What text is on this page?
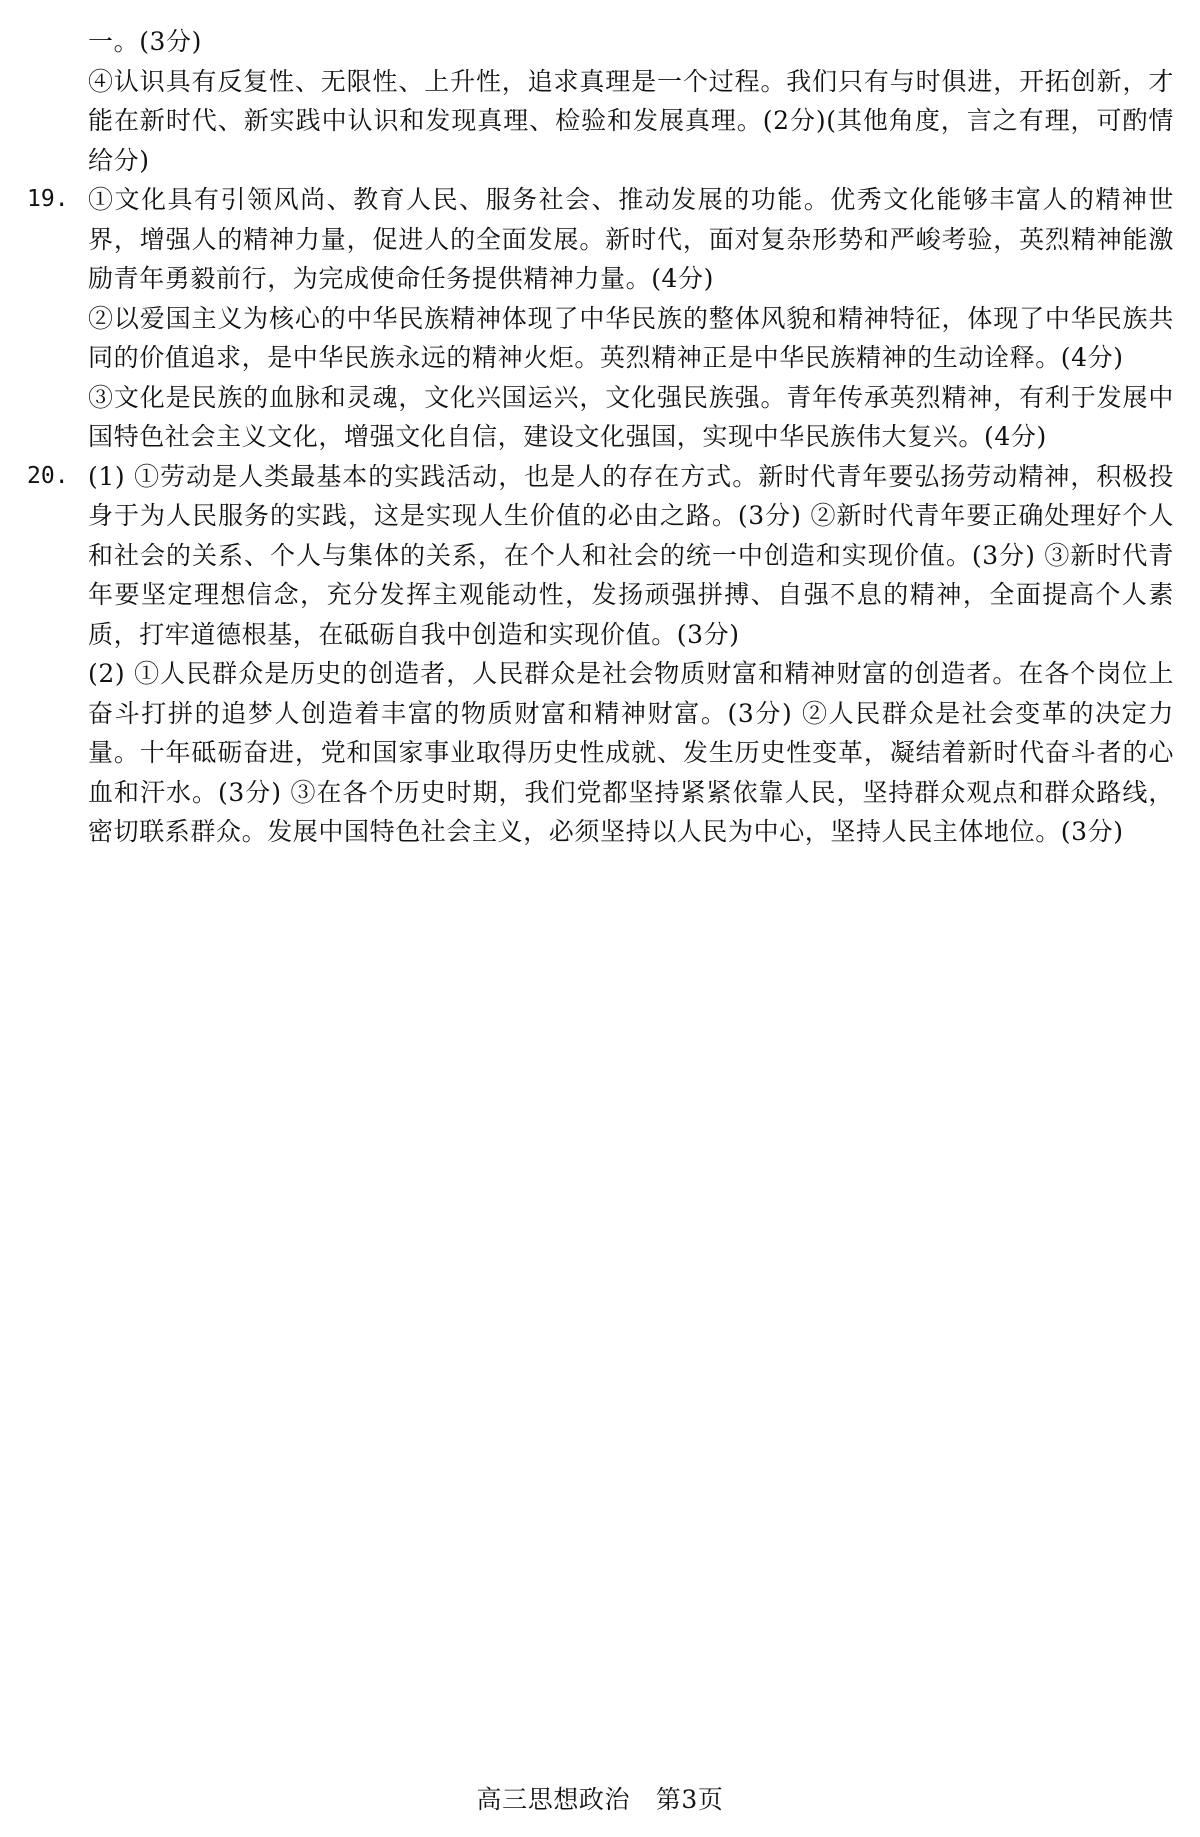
一。(3分)

④认识具有反复性、无限性、上升性，追求真理是一个过程。我们只有与时俱进，开拓创新，才能在新时代、新实践中认识和发现真理、检验和发展真理。(2分)(其他角度，言之有理，可酌情给分)

19. ①文化具有引领风尚、教育人民、服务社会、推动发展的功能。优秀文化能够丰富人的精神世界，增强人的精神力量，促进人的全面发展。新时代，面对复杂形势和严峻考验，英烈精神能激励青年勇毅前行，为完成使命任务提供精神力量。(4分)

②以爱国主义为核心的中华民族精神体现了中华民族的整体风貌和精神特征，体现了中华民族共同的价值追求，是中华民族永远的精神火炬。英烈精神正是中华民族精神的生动诠释。(4分)

③文化是民族的血脉和灵魂，文化兴国运兴，文化强民族强。青年传承英烈精神，有利于发展中国特色社会主义文化，增强文化自信，建设文化强国，实现中华民族伟大复兴。(4分)

20. (1) ①劳动是人类最基本的实践活动，也是人的存在方式。新时代青年要弘扬劳动精神，积极投身于为人民服务的实践，这是实现人生价值的必由之路。(3分) ②新时代青年要正确处理好个人和社会的关系、个人与集体的关系，在个人和社会的统一中创造和实现价值。(3分) ③新时代青年要坚定理想信念，充分发挥主观能动性，发扬顽强拼搏、自强不息的精神，全面提高个人素质，打牢道德根基，在砥砺自我中创造和实现价值。(3分)

(2) ①人民群众是历史的创造者，人民群众是社会物质财富和精神财富的创造者。在各个岗位上奋斗打拼的追梦人创造着丰富的物质财富和精神财富。(3分) ②人民群众是社会变革的决定力量。十年砥砺奋进，党和国家事业取得历史性成就、发生历史性变革，凝结着新时代奋斗者的心血和汗水。(3分) ③在各个历史时期，我们党都坚持紧紧依靠人民，坚持群众观点和群众路线，密切联系群众。发展中国特色社会主义，必须坚持以人民为中心，坚持人民主体地位。(3分)

高三思想政治　第3页
